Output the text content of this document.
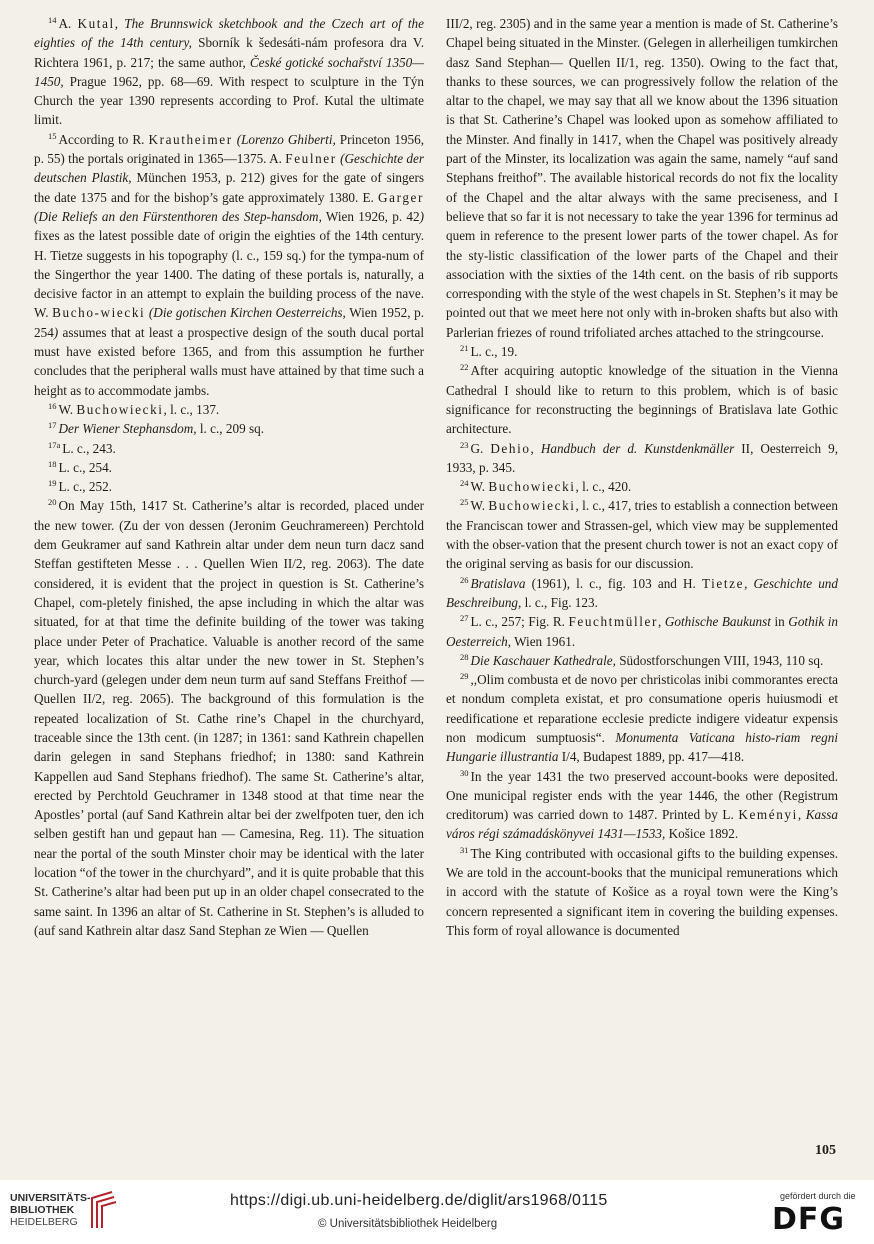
$^{14}$ A. Kutal, The Brunnswick sketchbook and the Czech art of the eighties of the 14th century, Sborník k šedesáti-nám profesora dra V. Richtera 1961, p. 217; the same author, České gotické sochařství 1350—1450, Prague 1962, pp. 68—69. With respect to sculpture in the Týn Church the year 1390 represents according to Prof. Kutal the ultimate limit.

$^{15}$ According to R. Krautheimer (Lorenzo Ghiberti, Princeton 1956, p. 55) the portals originated in 1365—1375. A. Feulner (Geschichte der deutschen Plastik, München 1953, p. 212) gives for the gate of singers the date 1375 and for the bishop’s gate approximately 1380. E. Garger (Die Reliefs an den Fürstenthoren des Step-hansdom, Wien 1926, p. 42) fixes as the latest possible date of origin the eighties of the 14th century. H. Tietze suggests in his topography (l. c., 159 sq.) for the tympa-num of the Singerthor the year 1400. The dating of these portals is, naturally, a decisive factor in an attempt to explain the building process of the nave. W. Bucho-wiecki (Die gotischen Kirchen Oesterreichs, Wien 1952, p. 254) assumes that at least a prospective design of the south ducal portal must have existed before 1365, and from this assumption he further concludes that the peripheral walls must have attained by that time such a height as to accommodate jambs.

$^{16}$ W. Buchowiecki, l. c., 137.

$^{17}$ Der Wiener Stephansdom, l. c., 209 sq.

$^{17a}$ L. c., 243.

$^{18}$ L. c., 254.

$^{19}$ L. c., 252.

$^{20}$ On May 15th, 1417 St. Catherine’s altar is recorded, placed under the new tower. (Zu der von dessen (Jeronim Geuchramereen) Perchtold dem Geukramer auf sand Kathrein altar under dem neun turn dacz sand Steffan gestifteten Messe . . . Quellen Wien II/2, reg. 2063). The date considered, it is evident that the project in question is St. Catherine’s Chapel, com-pletely finished, the apse including in which the altar was situated, for at that time the definite building of the tower was taking place under Peter of Prachatice. Valuable is another record of the same year, which locates this altar under the new tower in St. Stephen’s church-yard (gelegen under dem neun turm auf sand Steffans Freithof — Quellen II/2, reg. 2065). The background of this formulation is the repeated localization of St. Cathe rine’s Chapel in the churchyard, traceable since the 13th cent. (in 1287; in 1361: sand Kathrein chapellen darin gelegen in sand Stephans friedhof; in 1380: sand Kathrein Kappellen aud Sand Stephans friedhof). The same St. Catherine’s altar, erected by Perchtold Geuchramer in 1348 stood at that time near the Apostles’ portal (auf Sand Kathrein altar bei der zwelfpoten tuer, den ich selben gestift han und gepaut han — Camesina, Reg. 11). The situation near the portal of the south Minster choir may be identical with the later location “of the tower in the churchyard”, and it is quite probable that this St. Catherine’s altar had been put up in an older chapel consecrated to the same saint. In 1396 an altar of St. Catherine in St. Stephen’s is alluded to (auf sand Kathrein altar dasz Sand Stephan ze Wien — Quellen

III/2, reg. 2305) and in the same year a mention is made of St. Catherine’s Chapel being situated in the Minster. (Gelegen in allerheiligen tumkirchen dasz Sand Stephan— Quellen II/1, reg. 1350). Owing to the fact that, thanks to these sources, we can progressively follow the relation of the altar to the chapel, we may say that all we know about the 1396 situation is that St. Catherine’s Chapel was looked upon as somehow affiliated to the Minster. And finally in 1417, when the Chapel was positively already part of the Minster, its localization was again the same, namely “auf sand Stephans freithof”. The available historical records do not fix the locality of the Chapel and the altar always with the same preciseness, and I believe that so far it is not necessary to take the year 1396 for terminus ad quem in reference to the present lower parts of the tower chapel. As for the sty-listic classification of the lower parts of the Chapel and their association with the sixties of the 14th cent. on the basis of rib supports corresponding with the style of the west chapels in St. Stephen’s it may be pointed out that we meet here not only with in-broken shafts but also with Parlerian friezes of round trifoliated arches attached to the stringcourse.

$^{21}$ L. c., 19.

$^{22}$ After acquiring autoptic knowledge of the situation in the Vienna Cathedral I should like to return to this problem, which is of basic significance for reconstructing the beginnings of Bratislava late Gothic architecture.

$^{23}$ G. Dehio, Handbuch der d. Kunstdenkmäller II, Oesterreich 9, 1933, p. 345.

$^{24}$ W. Buchowiecki, l. c., 420.

$^{25}$ W. Buchowiecki, l. c., 417, tries to establish a connection between the Franciscan tower and Strassen-gel, which view may be supplemented with the obser-vation that the present church tower is not an exact copy of the original serving as basis for our discussion.

$^{26}$ Bratislava (1961), l. c., fig. 103 and H. Tietze, Geschichte und Beschreibung, l. c., Fig. 123.

$^{27}$ L. c., 257; Fig. R. Feuchtmüller, Gothische Baukunst in Gothik in Oesterreich, Wien 1961.

$^{28}$ Die Kaschauer Kathedrale, Südostforschungen VIII, 1943, 110 sq.

$^{29}$ ,,Olim combusta et de novo per christicolas inibi commorantes erecta et nondum completa existat, et pro consumatione operis huiusmodi et reedificatione et reparatione ecclesie predicte indigere videatur expensis non modicum sumptuosis“. Monumenta Vaticana histo-riam regni Hungarie illustrantia I/4, Budapest 1889, pp. 417—418.

$^{30}$ In the year 1431 the two preserved account-books were deposited. One municipal register ends with the year 1446, the other (Registrum creditorum) was carried down to 1487. Printed by L. Keményi, Kassa város régi számadáskönyvei 1431—1533, Košice 1892.

$^{31}$ The King contributed with occasional gifts to the building expenses. We are told in the account-books that the municipal remunerations which in accord with the statute of Košice as a royal town were the King’s concern represented a significant item in covering the building expenses. This form of royal allowance is documented

105
UNIVERSITÄTS-
BIBLIOTHEK
HEIDELBERG
https://digi.ub.uni-heidelberg.de/diglit/ars1968/0115
© Universitätsbibliothek Heidelberg
gefördert durch die
DFG
